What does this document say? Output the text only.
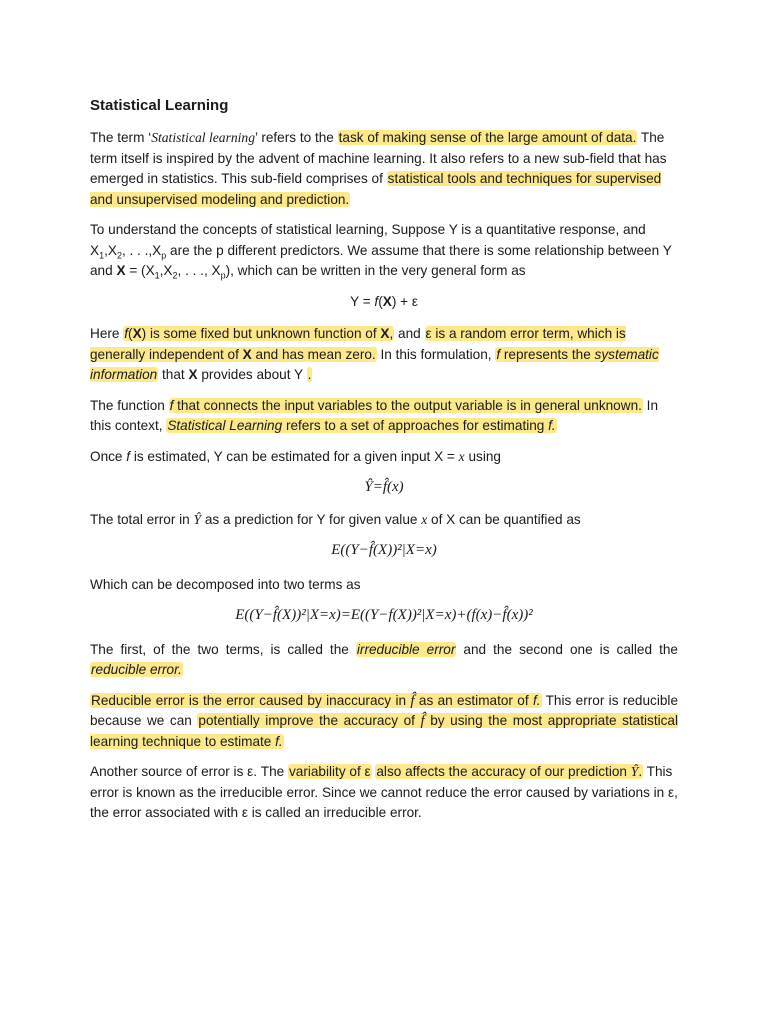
Statistical Learning

The term ‘Statistical learning’ refers to the task of making sense of the large amount of data. The term itself is inspired by the advent of machine learning. It also refers to a new sub-field that has emerged in statistics. This sub-field comprises of statistical tools and techniques for supervised and unsupervised modeling and prediction.

To understand the concepts of statistical learning, Suppose Y is a quantitative response, and $X_1,X_2$, . . $.,X_p$ are the p different predictors. We assume that there is some relationship between Y and $X = (X_1,X_2$, . . ., $X_p$), which can be written in the very general form as

Y = f(X) + ε

Here f(X) is some fixed but unknown function of X, and ε is a random error term, which is generally independent of X and has mean zero. In this formulation, f represents the systematic information that X provides about Y .

The function f that connects the input variables to the output variable is in general unknown. In this context, Statistical Learning refers to a set of approaches for estimating f.

Once f is estimated, Y can be estimated for a given input X = x using

Ŷ=f̂(x)

The total error in Ŷ as a prediction for Y for given value x of X can be quantified as

E((Y−f̂(X))²|X=x)

Which can be decomposed into two terms as

E((Y−f̂(X))²|X=x)=E((Y−f(X))²|X=x)+(f(x)−f̂(x))²

The first, of the two terms, is called the irreducible error and the second one is called the reducible error.

Reducible error is the error caused by inaccuracy in f̂ as an estimator of f. This error is reducible because we can potentially improve the accuracy of f̂ by using the most appropriate statistical learning technique to estimate f.

Another source of error is ε. The variability of ε also affects the accuracy of our prediction Ŷ. This error is known as the irreducible error. Since we cannot reduce the error caused by variations in ε, the error associated with ε is called an irreducible error.
